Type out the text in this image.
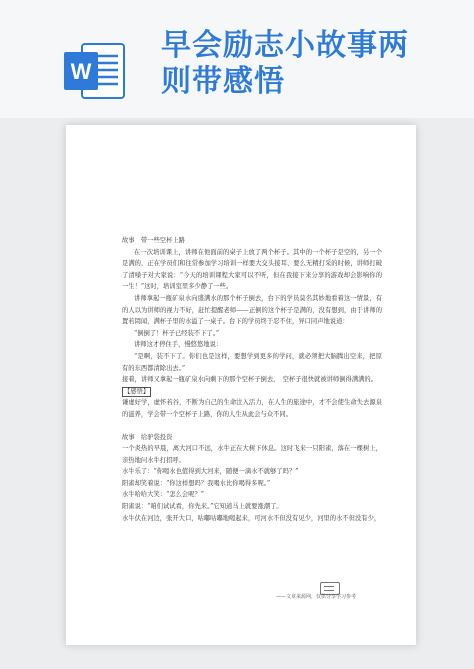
W
早会励志小故事两
则带感悟

故事　带一些空杯上路

在一次培训课上，讲师在他面前的桌子上放了两个杯子。其中的一个杯子是空的，另一个是满的，正在学员们和往常参加学习培训一样要大交头接耳、要么无精打采的时候，讲师打破了清嗓子对大家说：“今天的培训课程大家可以不听，但在我接下来分享的游戏却会影响你的一生！”这时，培训室里多少静了一些。

讲师拿起一瓶矿泉水向盛满水的那个杯子倒去，台下的学员莫名其妙地看着这一情景，有的人以为讲师的视力不好，赶忙提醒老师——正倒的这个杯子是满的，没有想到，由于讲师的置若罔闻，满杯子里的水溢了一桌子。台下的学员终于忍不住，异口同声地说道：

“倒倒了！杯子已经装不下了。”

讲师这才停住手，慢悠悠地说：

“是啊，装不下了。你们也是这样，要想学到更多的学问，就必须把大脑腾出空来，把原有的东西都清除出去。”

接着，讲师又拿起一瓶矿泉水向剩下的那个空杯子倒去，　空杯子很快就被讲师倒得满满的。

【感悟】

谦虚好学，虚怀若谷，不断为自己的生命注入活力，在人生的旅途中，才不会使生命失去源泉的滋养，学会带一个空杯子上路，你的人生从此会与众不同。

故事　给驴袋投资

一个炎热的早晨，离大河口不远，水牛正在大树下休息。这时飞来一只阳雀，落在一棵树上，亲热地问水牛打招呼。

水牛乐了：“你喝水也值得到大河来，随便一滴水不就够了吗？”

阳雀却笑着说：“你这样想吗？我喝水比你喝得多呢。”

水牛哈哈大笑：“怎么会呢？”

阳雀说：“咱们试试看，你先来。”它知道马上就要涨潮了。

水牛伏在河边，张开大口，咕嘟咕嘟地喝起来，可河水不但没有见少，河里的水不但没有少，

——文章来源网，仅供分享学习参考
